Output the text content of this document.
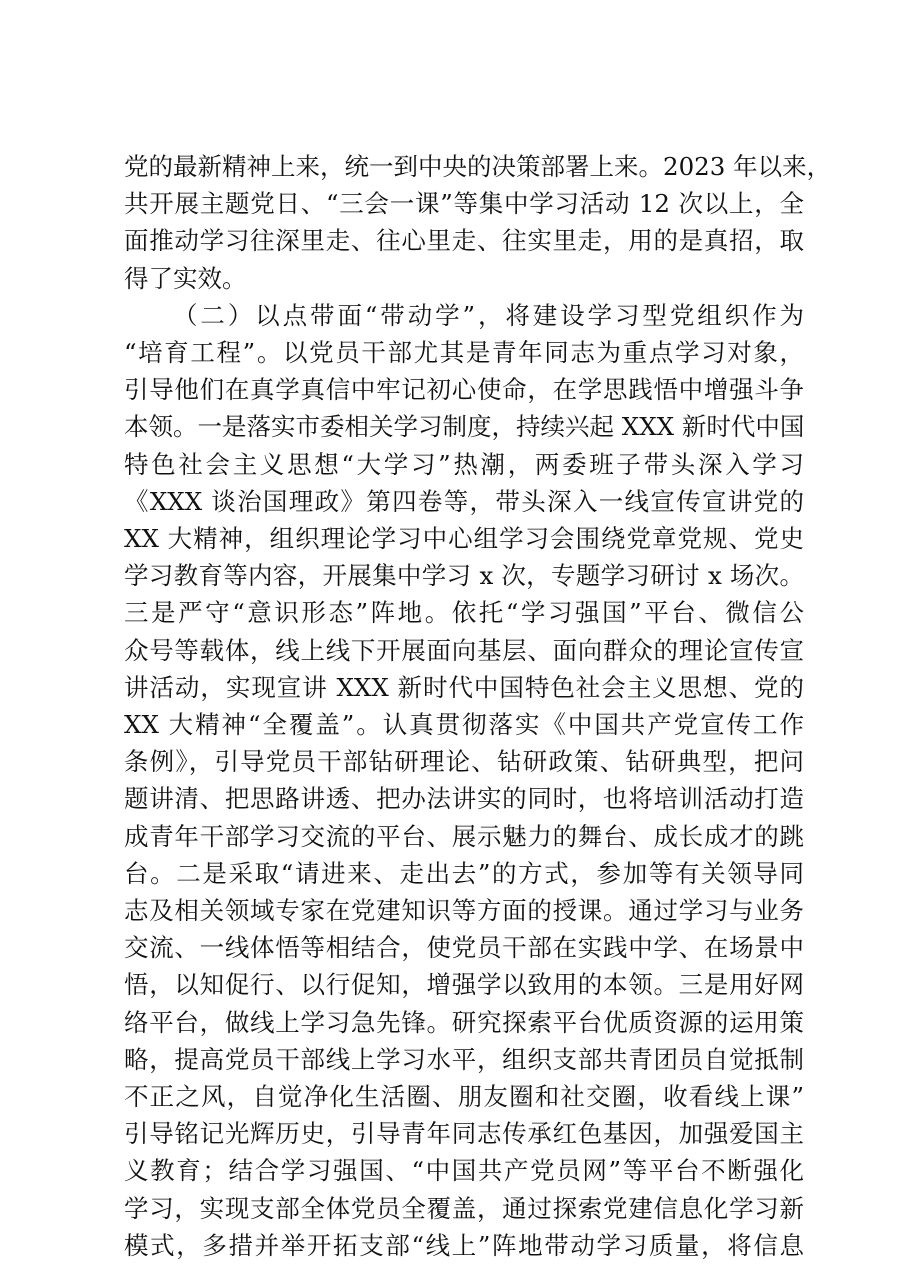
党的最新精神上来，统一到中央的决策部署上来。2023 年以来，
共开展主题党日、“三会一课”等集中学习活动 12 次以上，全
面推动学习往深里走、往心里走、往实里走，用的是真招，取
得了实效。
（二）以点带面“带动学”，将建设学习型党组织作为
“培育工程”。以党员干部尤其是青年同志为重点学习对象，
引导他们在真学真信中牢记初心使命，在学思践悟中增强斗争
本领。一是落实市委相关学习制度，持续兴起 XXX 新时代中国
特色社会主义思想“大学习”热潮，两委班子带头深入学习
《XXX 谈治国理政》第四卷等，带头深入一线宣传宣讲党的
XX 大精神，组织理论学习中心组学习会围绕党章党规、党史
学习教育等内容，开展集中学习 x 次，专题学习研讨 x 场次。
三是严守“意识形态”阵地。依托“学习强国”平台、微信公
众号等载体，线上线下开展面向基层、面向群众的理论宣传宣
讲活动，实现宣讲 XXX 新时代中国特色社会主义思想、党的
XX 大精神“全覆盖”。认真贯彻落实《中国共产党宣传工作
条例》，引导党员干部钻研理论、钻研政策、钻研典型，把问
题讲清、把思路讲透、把办法讲实的同时，也将培训活动打造
成青年干部学习交流的平台、展示魅力的舞台、成长成才的跳
台。二是采取“请进来、走出去”的方式，参加等有关领导同
志及相关领域专家在党建知识等方面的授课。通过学习与业务
交流、一线体悟等相结合，使党员干部在实践中学、在场景中
悟，以知促行、以行促知，增强学以致用的本领。三是用好网
络平台，做线上学习急先锋。研究探索平台优质资源的运用策
略，提高党员干部线上学习水平，组织支部共青团员自觉抵制
不正之风，自觉净化生活圈、朋友圈和社交圈，收看线上课”
引导铭记光辉历史，引导青年同志传承红色基因，加强爱国主
义教育；结合学习强国、“中国共产党员网”等平台不断强化
学习，实现支部全体党员全覆盖，通过探索党建信息化学习新
模式，多措并举开拓支部“线上”阵地带动学习质量，将信息
